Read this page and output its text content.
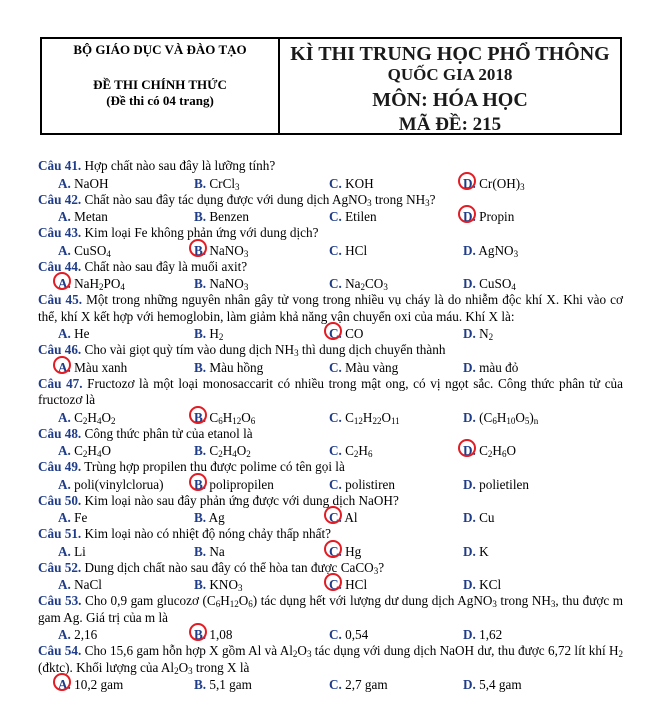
BỘ GIÁO DỤC VÀ ĐÀO TẠO
ĐỀ THI CHÍNH THỨC
(Đề thi có 04 trang)
KÌ THI TRUNG HỌC PHỔ THÔNG
QUỐC GIA 2018
MÔN: HÓA HỌC
MÃ ĐỀ: 215
Câu 41. Hợp chất nào sau đây là lưỡng tính?
A. NaOH	B. CrCl$_3$	C. KOH	D.
$Cr(OH)_3$
Câu 42. Chất nào sau đây tác dụng được với dung dịch AgNO$_3$ trong $NH_3$?
A. Metan	B. Benzen	C. Etilen	D.
Propin
Câu 43. Kim loại Fe không phản ứng với dung dịch?
A. CuSO$_4$	B.
NaNO$_3$	C. HCl	D. AgNO$_3$
Câu 44. Chất nào sau đây là muối axit?
A.
$NaH_2PO_4$	B. NaNO$_3$	C. $Na_2CO_3$	D. CuSO$_4$
Câu 45. Một trong những nguyên nhân gây tử vong trong nhiều vụ cháy là do nhiễm độc khí X. Khi vào cơ thể, khí X kết hợp với hemoglobin, làm giảm khả năng vận chuyển oxi của máu. Khí X là:
A. He	B. $H_2$	C.
CO	D. $N_2$
Câu 46. Cho vài giọt quỳ tím vào dung dịch $NH_3$ thì dung dịch chuyển thành
A.
Màu xanh	B. Màu hồng	C. Màu vàng	D. màu đỏ
Câu 47. Fructozơ là một loại monosaccarit có nhiều trong mật ong, có vị ngọt sắc. Công thức phân tử của fructozơ là
A. $C_2H_4O_2$	B.
$C_6H_{12}O_6$	C. $C_{12}H_{22}O_{11}$	D. $(C_6H_{10}O_5)_n$
Câu 48. Công thức phân tử của etanol là
A. $C_2H_4O$	B. $C_2H_4O_2$	C. $C_2H_6$	D.
$C_2H_6O$
Câu 49. Trùng hợp propilen thu được polime có tên gọi là
A. poli(vinylclorua) B.
polipropilen	C. polistiren	D. polietilen
Câu 50. Kim loại nào sau đây phản ứng được với dung dịch NaOH?
A. Fe	B. Ag	C.
Al	D. Cu
Câu 51. Kim loại nào có nhiệt độ nóng chảy thấp nhất?
A. Li	B. Na	C.
Hg	D. K
Câu 52. Dung dịch chất nào sau đây có thể hòa tan được CaCO$_3$?
A. NaCl	B. $KNO_3$	C.
HCl	D. KCl
Câu 53. Cho 0,9 gam glucozơ $(C_6H_{12}O_6)$ tác dụng hết với lượng dư dung dịch AgNO$_3$ trong $NH_3$, thu được m gam Ag. Giá trị của m là
A. 2,16	B.
1,08	C. 0,54	D. 1,62
Câu 54. Cho 15,6 gam hỗn hợp X gồm Al và $Al_2O_3$ tác dụng với dung dịch NaOH dư, thu được 6,72 lít khí $H_2$ (đktc). Khối lượng của $Al_2O_3$ trong X là
A.
10,2 gam	B. 5,1 gam	C. 2,7 gam	D. 5,4 gam
